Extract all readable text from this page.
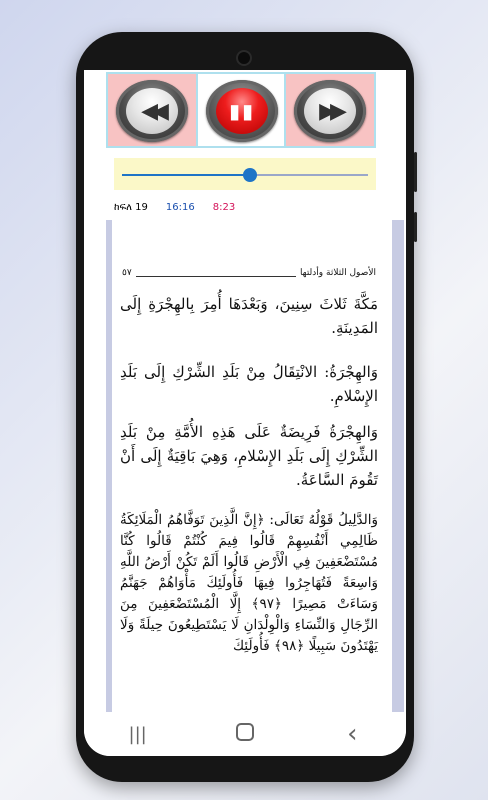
◀◀	▮▮	▶▶
ከፍለ 19 16:16 8:23
الأصول الثلاثة وأدلتها
٥٧
مَكَّةَ ثَلاثَ سِنِينَ، وَبَعْدَهَا أُمِرَ بِالهِجْرَةِ إِلَى المَدِينَةِ.
وَالهِجْرَةُ: الانْتِقَالُ مِنْ بَلَدِ الشِّرْكِ إِلَى بَلَدِ الإِسْلامِ.
وَالهِجْرَةُ فَرِيضَةٌ عَلَى هَذِهِ الأُمَّةِ مِنْ بَلَدِ الشِّرْكِ إِلَى بَلَدِ الإِسْلامِ، وَهِيَ بَاقِيَةٌ إِلَى أَنْ تَقُومَ السَّاعَةُ.
وَالدَّلِيلُ قَوْلُهُ تَعَالَى: ﴿إِنَّ الَّذِينَ تَوَفَّاهُمُ الْمَلَائِكَةُ ظَالِمِي أَنْفُسِهِمْ قَالُوا فِيمَ كُنْتُمْ قَالُوا كُنَّا مُسْتَضْعَفِينَ فِي الْأَرْضِ قَالُوا أَلَمْ تَكُنْ أَرْضُ اللَّهِ وَاسِعَةً فَتُهَاجِرُوا فِيهَا فَأُولَئِكَ مَأْوَاهُمْ جَهَنَّمُ وَسَاءَتْ مَصِيرًا ﴿٩٧﴾ إِلَّا الْمُسْتَضْعَفِينَ مِنَ الرِّجَالِ وَالنِّسَاءِ وَالْوِلْدَانِ لَا يَسْتَطِيعُونَ حِيلَةً وَلَا يَهْتَدُونَ سَبِيلًا ﴿٩٨﴾ فَأُولَئِكَ
|||	‹
